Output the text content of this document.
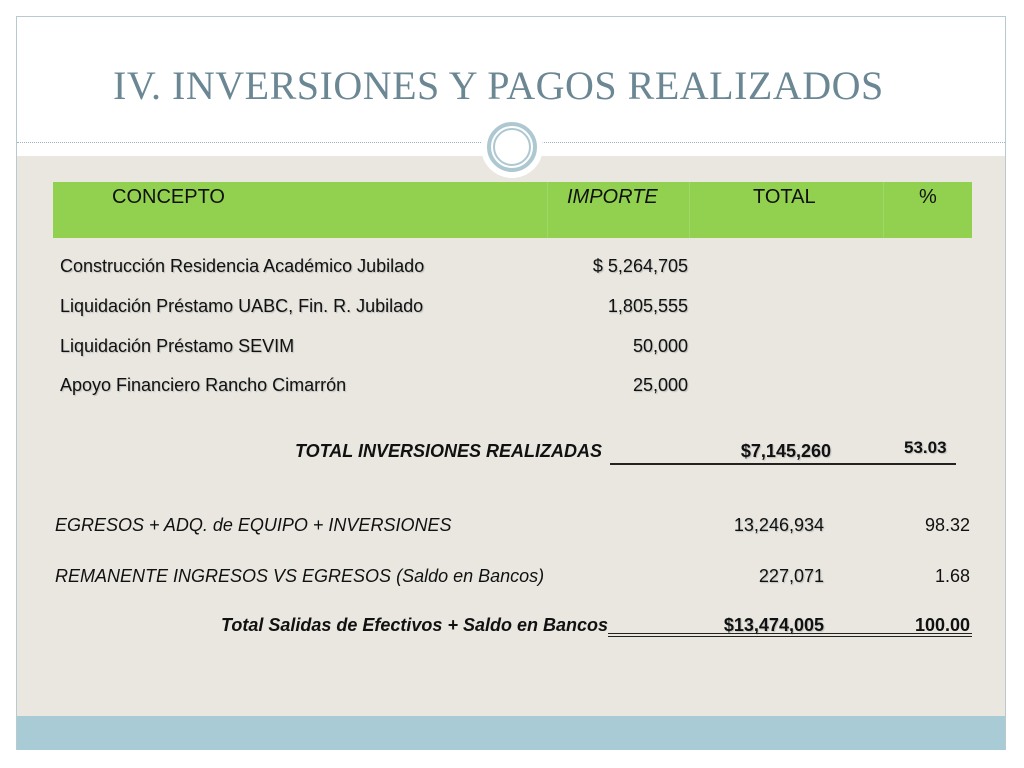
IV. INVERSIONES Y PAGOS REALIZADOS
CONCEPTO	IMPORTE	TOTAL	%
Construcción Residencia Académico Jubilado	$ 5,264,705
Liquidación Préstamo UABC, Fin. R. Jubilado	1,805,555
Liquidación Préstamo SEVIM	50,000
Apoyo Financiero Rancho Cimarrón	25,000
TOTAL INVERSIONES REALIZADAS	$7,145,260	53.03
EGRESOS + ADQ. de EQUIPO + INVERSIONES	13,246,934	98.32
REMANENTE INGRESOS VS EGRESOS (Saldo en Bancos)	227,071	1.68
Total Salidas de Efectivos + Saldo en Bancos	$13,474,005	100.00
